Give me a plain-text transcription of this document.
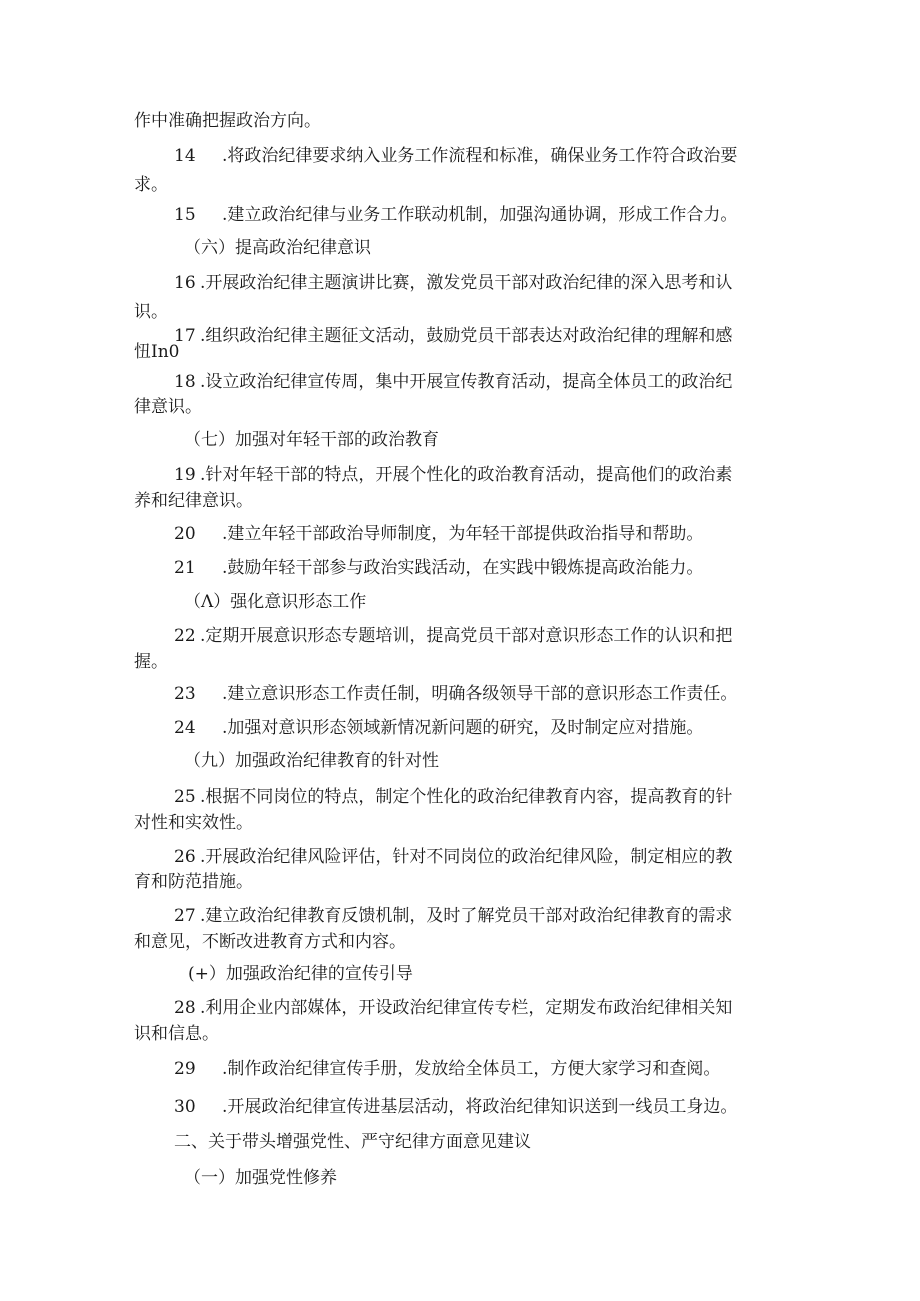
作中准确把握政治方向。
14 .将政治纪律要求纳入业务工作流程和标准，确保业务工作符合政治要
求。
15 .建立政治纪律与业务工作联动机制，加强沟通协调，形成工作合力。
（六）提高政治纪律意识
16 .开展政治纪律主题演讲比赛，激发党员干部对政治纪律的深入思考和认
识。
17 .组织政治纪律主题征文活动，鼓励党员干部表达对政治纪律的理解和感
忸In0
18 .设立政治纪律宣传周，集中开展宣传教育活动，提高全体员工的政治纪
律意识。
（七）加强对年轻干部的政治教育
19 .针对年轻干部的特点，开展个性化的政治教育活动，提高他们的政治素
养和纪律意识。
20 .建立年轻干部政治导师制度，为年轻干部提供政治指导和帮助。
21 .鼓励年轻干部参与政治实践活动，在实践中锻炼提高政治能力。
（Λ）强化意识形态工作
22 .定期开展意识形态专题培训，提高党员干部对意识形态工作的认识和把
握。
23 .建立意识形态工作责任制，明确各级领导干部的意识形态工作责任。
24 .加强对意识形态领域新情况新问题的研究，及时制定应对措施。
（九）加强政治纪律教育的针对性
25 .根据不同岗位的特点，制定个性化的政治纪律教育内容，提高教育的针
对性和实效性。
26 .开展政治纪律风险评估，针对不同岗位的政治纪律风险，制定相应的教
育和防范措施。
27 .建立政治纪律教育反馈机制，及时了解党员干部对政治纪律教育的需求
和意见，不断改进教育方式和内容。
(+）加强政治纪律的宣传引导
28 .利用企业内部媒体，开设政治纪律宣传专栏，定期发布政治纪律相关知
识和信息。
29 .制作政治纪律宣传手册，发放给全体员工，方便大家学习和查阅。
30 .开展政治纪律宣传进基层活动，将政治纪律知识送到一线员工身边。
二、关于带头增强党性、严守纪律方面意见建议
（一）加强党性修养
